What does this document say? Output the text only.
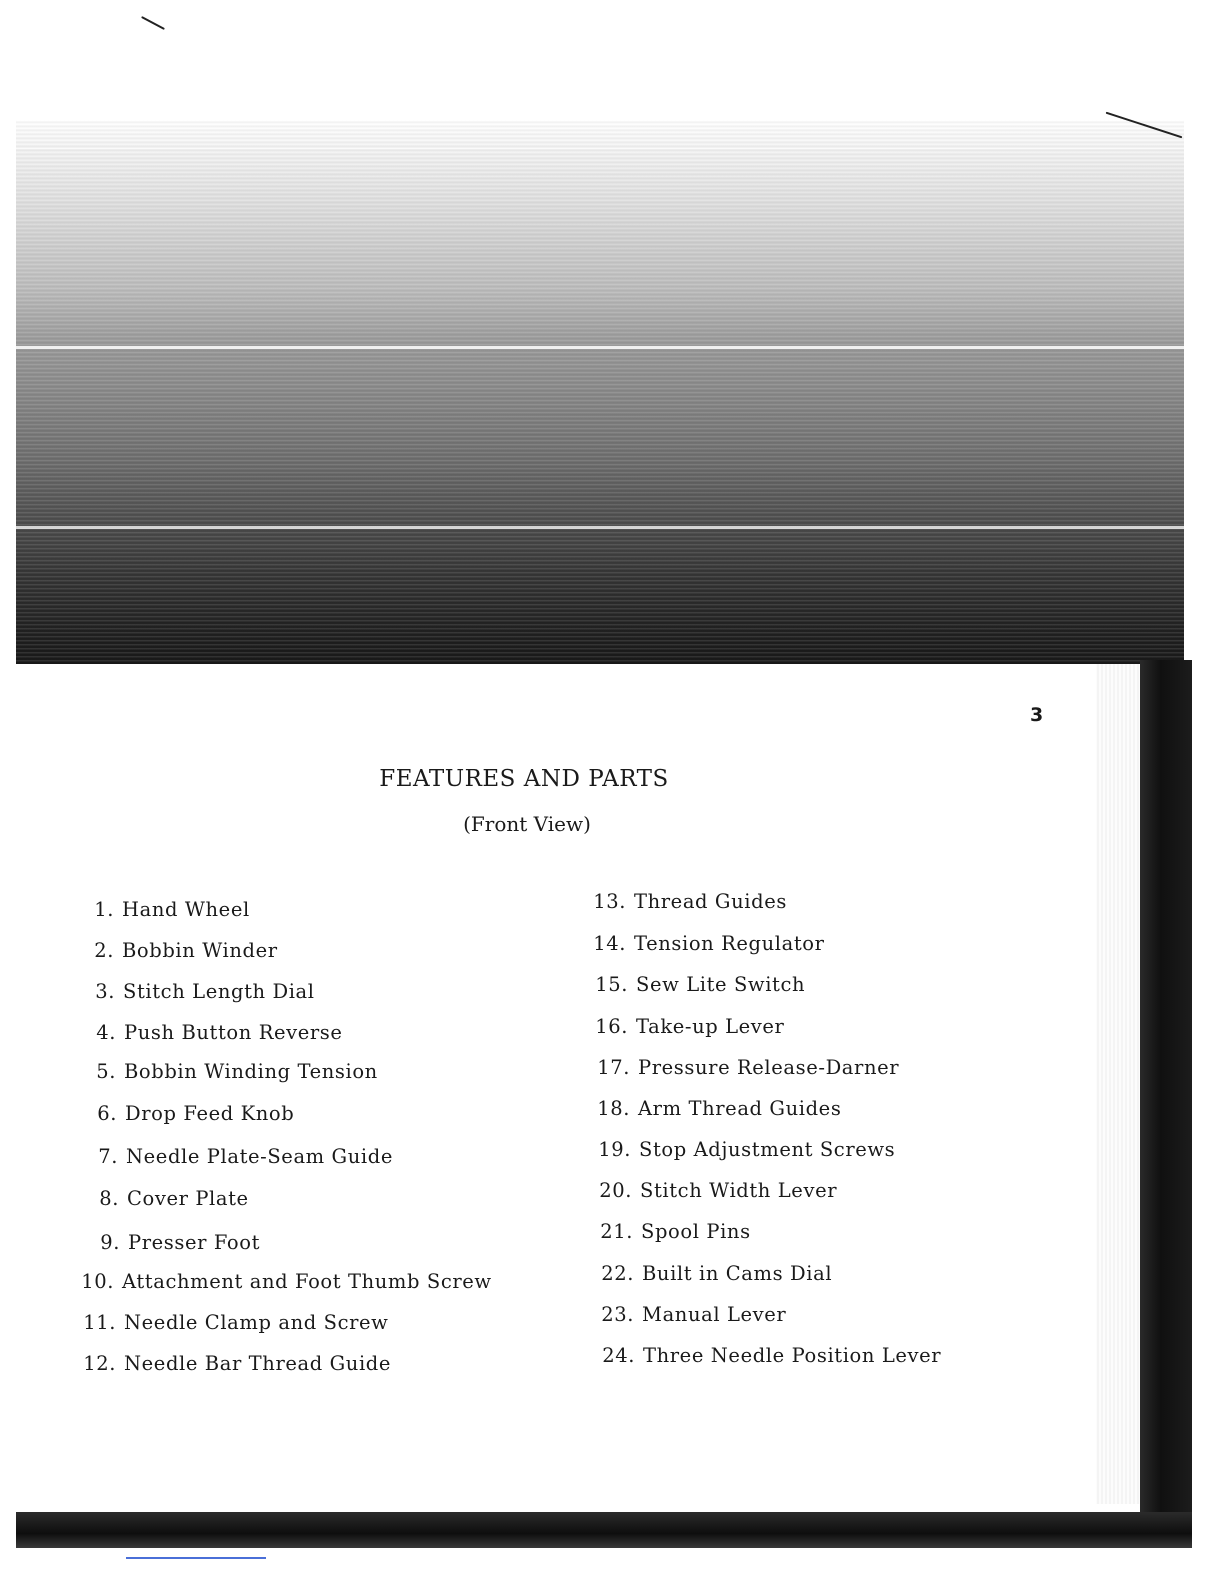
3
FEATURES AND PARTS
(Front View)
1. Hand Wheel
2. Bobbin Winder
3. Stitch Length Dial
4. Push Button Reverse
5. Bobbin Winding Tension
6. Drop Feed Knob
7. Needle Plate-Seam Guide
8. Cover Plate
9. Presser Foot
10. Attachment and Foot Thumb Screw
11. Needle Clamp and Screw
12. Needle Bar Thread Guide
13. Thread Guides
14. Tension Regulator
15. Sew Lite Switch
16. Take-up Lever
17. Pressure Release-Darner
18. Arm Thread Guides
19. Stop Adjustment Screws
20. Stitch Width Lever
21. Spool Pins
22. Built in Cams Dial
23. Manual Lever
24. Three Needle Position Lever
